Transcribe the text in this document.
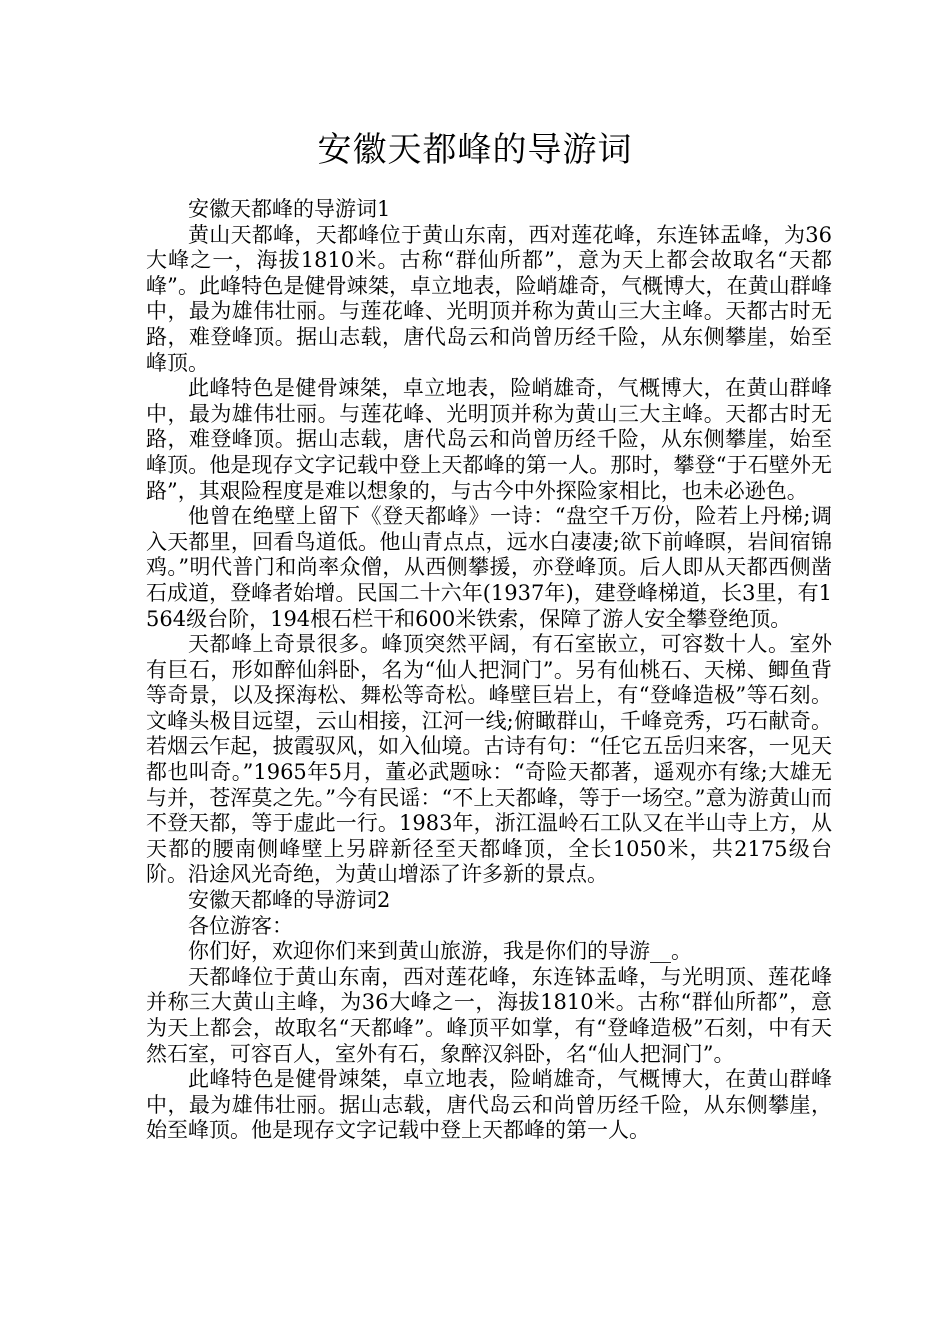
安徽天都峰的导游词

安徽天都峰的导游词1

黄山天都峰，天都峰位于黄山东南，西对莲花峰，东连钵盂峰，为36大峰之一，海拔1810米。古称“群仙所都”，意为天上都会故取名“天都峰”。此峰特色是健骨竦桀，卓立地表，险峭雄奇，气概博大，在黄山群峰中，最为雄伟壮丽。与莲花峰、光明顶并称为黄山三大主峰。天都古时无路，难登峰顶。据山志载，唐代岛云和尚曾历经千险，从东侧攀崖，始至峰顶。

此峰特色是健骨竦桀，卓立地表，险峭雄奇，气概博大，在黄山群峰中，最为雄伟壮丽。与莲花峰、光明顶并称为黄山三大主峰。天都古时无路，难登峰顶。据山志载，唐代岛云和尚曾历经千险，从东侧攀崖，始至峰顶。他是现存文字记载中登上天都峰的第一人。那时，攀登“于石壁外无路”，其艰险程度是难以想象的，与古今中外探险家相比，也未必逊色。

他曾在绝壁上留下《登天都峰》一诗：“盘空千万份，险若上丹梯;调入天都里，回看鸟道低。他山青点点，远水白凄凄;欲下前峰暝，岩间宿锦鸡。”明代普门和尚率众僧，从西侧攀援，亦登峰顶。后人即从天都西侧凿石成道，登峰者始增。民国二十六年(1937年)，建登峰梯道，长3里，有1564级台阶，194根石栏干和600米铁索，保障了游人安全攀登绝顶。

天都峰上奇景很多。峰顶突然平阔，有石室嵌立，可容数十人。室外有巨石，形如醉仙斜卧，名为“仙人把洞门”。另有仙桃石、天梯、鲫鱼背等奇景，以及探海松、舞松等奇松。峰壁巨岩上，有“登峰造极”等石刻。文峰头极目远望，云山相接，江河一线;俯瞰群山，千峰竞秀，巧石献奇。若烟云乍起，披霞驭风，如入仙境。古诗有句：“任它五岳归来客，一见天都也叫奇。”1965年5月，董必武题咏：“奇险天都著，遥观亦有缘;大雄无与并，苍浑莫之先。”今有民谣：“不上天都峰，等于一场空。”意为游黄山而不登天都，等于虚此一行。1983年，浙江温岭石工队又在半山寺上方，从天都的腰南侧峰壁上另辟新径至天都峰顶，全长1050米，共2175级台阶。沿途风光奇绝，为黄山增添了许多新的景点。

安徽天都峰的导游词2

各位游客：

你们好，欢迎你们来到黄山旅游，我是你们的导游__。

天都峰位于黄山东南，西对莲花峰，东连钵盂峰，与光明顶、莲花峰并称三大黄山主峰，为36大峰之一，海拔1810米。古称“群仙所都”，意为天上都会，故取名“天都峰”。峰顶平如掌，有“登峰造极”石刻，中有天然石室，可容百人，室外有石，象醉汉斜卧，名“仙人把洞门”。

此峰特色是健骨竦桀，卓立地表，险峭雄奇，气概博大，在黄山群峰中，最为雄伟壮丽。据山志载，唐代岛云和尚曾历经千险，从东侧攀崖，始至峰顶。他是现存文字记载中登上天都峰的第一人。
